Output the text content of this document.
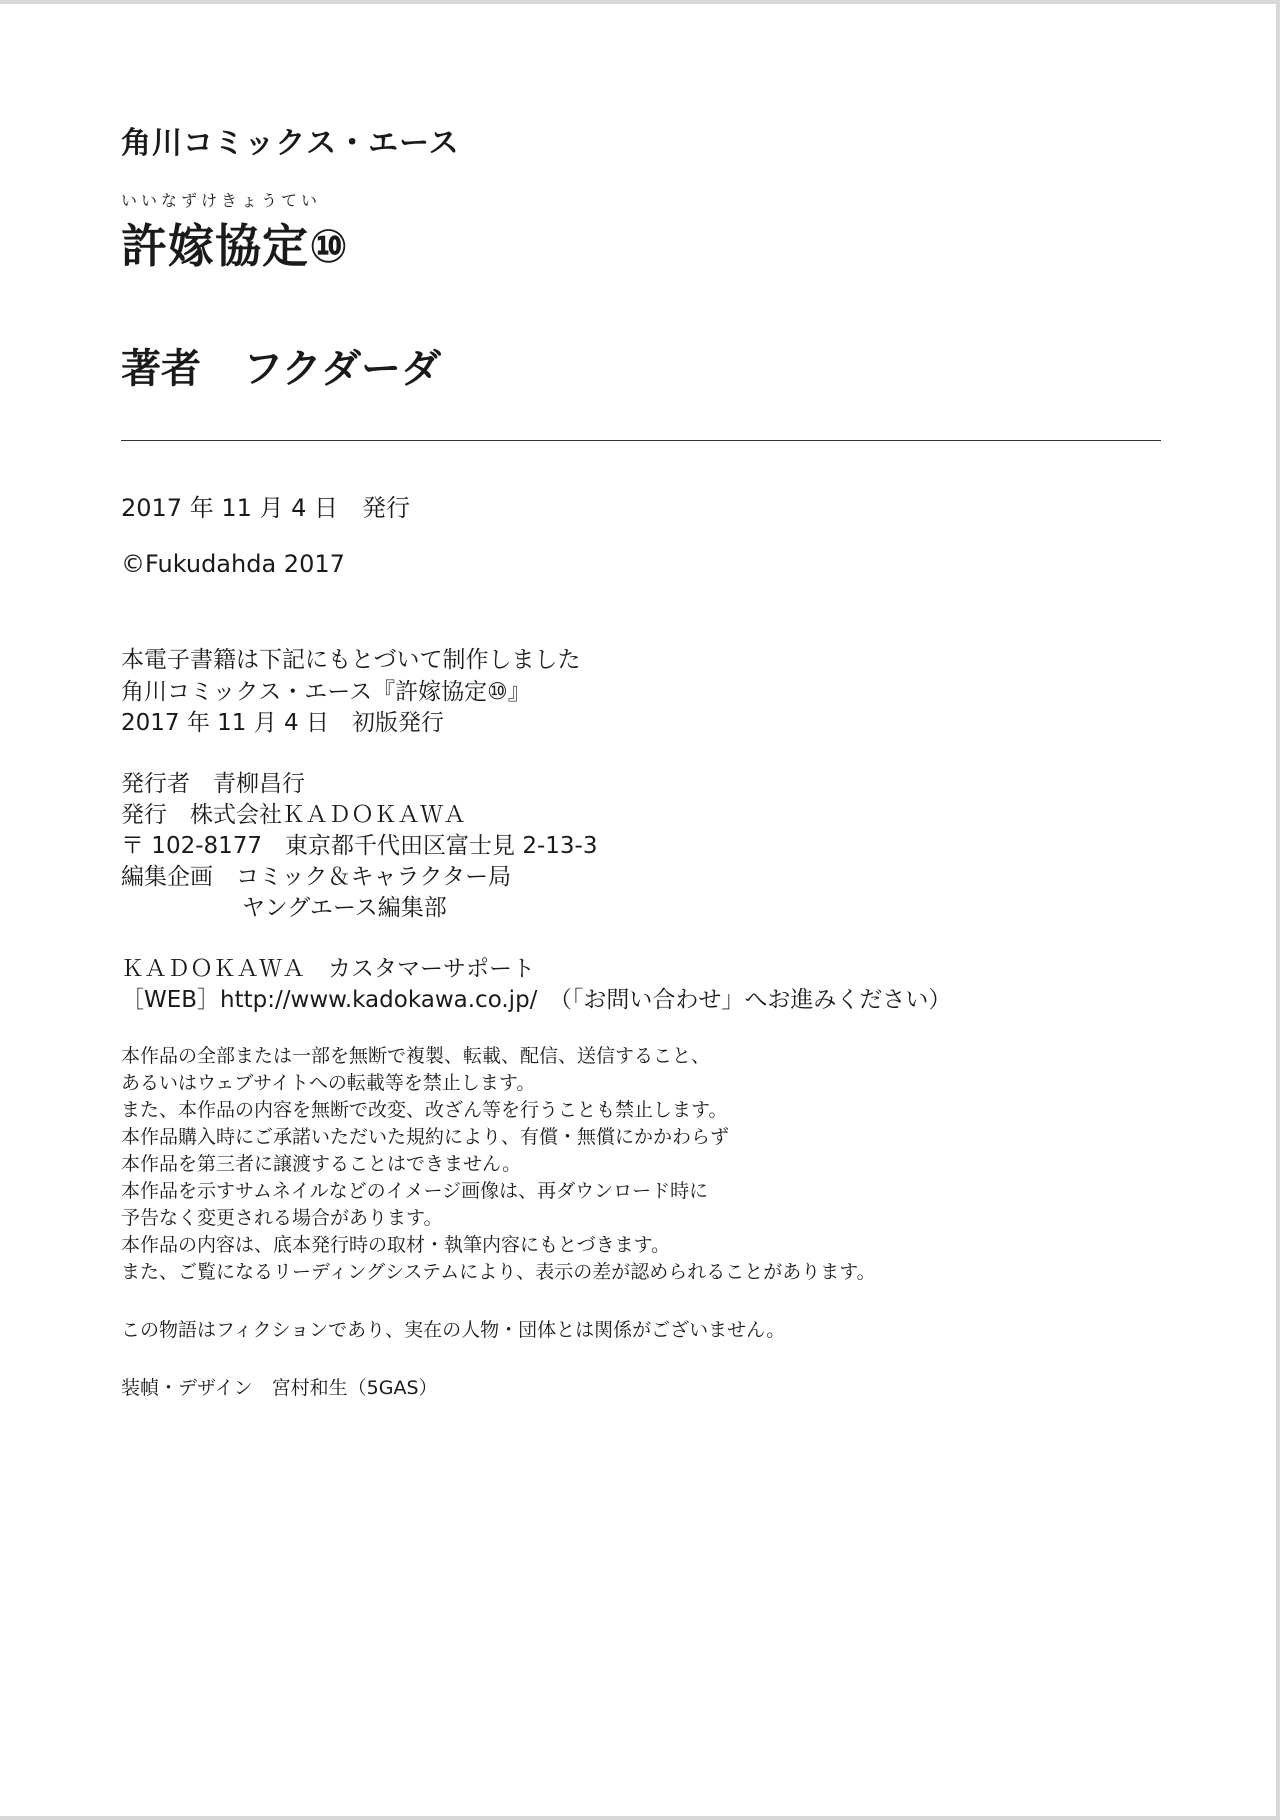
角川コミックス・エース
いいなずけきょうてい
許嫁協定⑩
著者 フクダーダ
2017 年 11 月 4 日　発行
©Fukudahda 2017
本電子書籍は下記にもとづいて制作しました
角川コミックス・エース『許嫁協定⑩』
2017 年 11 月 4 日　初版発行
発行者　青柳昌行
発行　株式会社ＫＡＤＯＫＡＷＡ
〒 102-8177　東京都千代田区富士見 2-13-3
編集企画　コミック＆キャラクター局
ヤングエース編集部
ＫＡＤＯＫＡＷＡ　カスタマーサポート
［WEB］http://www.kadokawa.co.jp/　（「お問い合わせ」へお進みください）
本作品の全部または一部を無断で複製、転載、配信、送信すること、
あるいはウェブサイトへの転載等を禁止します。
また、本作品の内容を無断で改変、改ざん等を行うことも禁止します。
本作品購入時にご承諾いただいた規約により、有償・無償にかかわらず
本作品を第三者に譲渡することはできません。
本作品を示すサムネイルなどのイメージ画像は、再ダウンロード時に
予告なく変更される場合があります。
本作品の内容は、底本発行時の取材・執筆内容にもとづきます。
また、ご覧になるリーディングシステムにより、表示の差が認められることがあります。
この物語はフィクションであり、実在の人物・団体とは関係がございません。
装幀・デザイン　宮村和生（5GAS）
